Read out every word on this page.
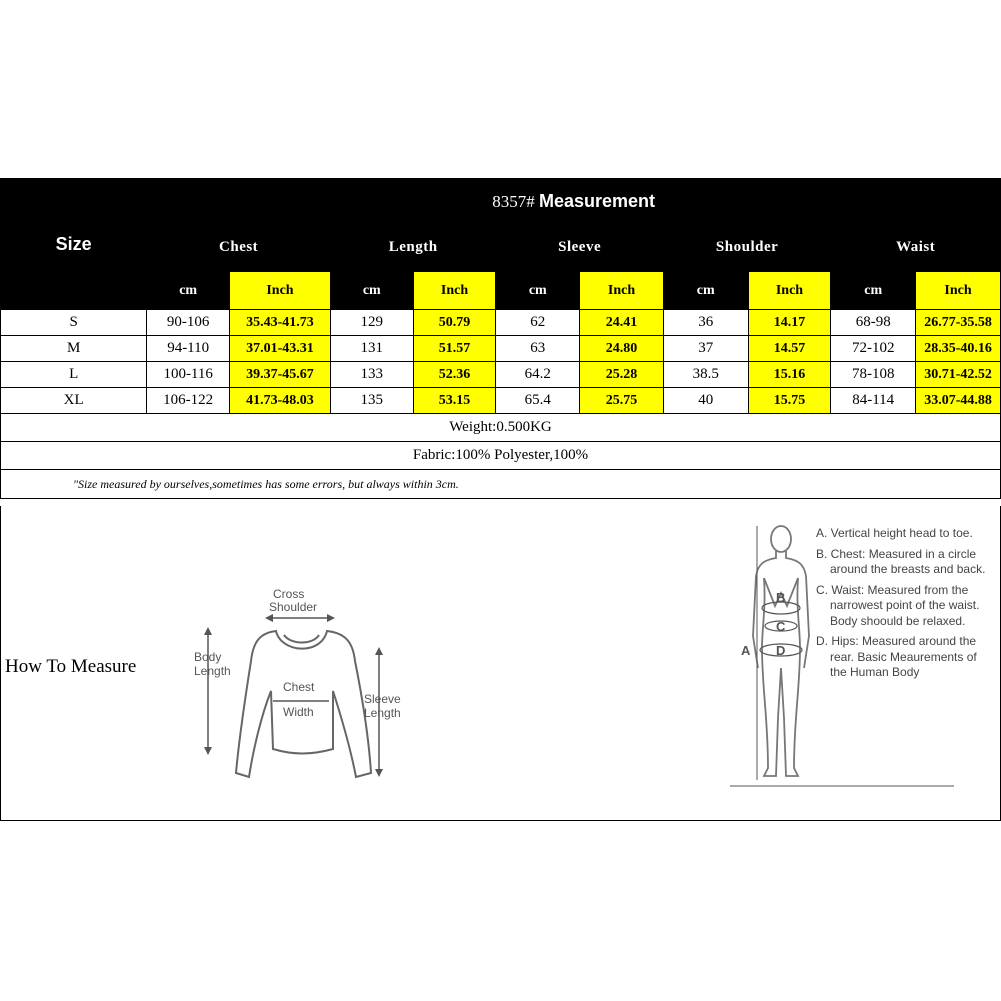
Size	8357# Measurement									
	Chest		Length		Sleeve		Shoulder		Waist	
	cm	Inch	cm	Inch	cm	Inch	cm	Inch	cm	Inch
S	90-106	35.43-41.73	129	50.79	62	24.41	36	14.17	68-98	26.77-35.58
M	94-110	37.01-43.31	131	51.57	63	24.80	37	14.57	72-102	28.35-40.16
L	100-116	39.37-45.67	133	52.36	64.2	25.28	38.5	15.16	78-108	30.71-42.52
XL	106-122	41.73-48.03	135	53.15	65.4	25.75	40	15.75	84-114	33.07-44.88
Weight:0.500KG										
Fabric:100% Polyester,100%										
"Size measured by ourselves,sometimes has some errors, but always within 3cm.										
How To Measure
Cross
Shoulder
Body
Length
Chest
Width
Sleeve
Length
A
B
C
D

A. Vertical height head to toe.

B. Chest: Measured in a circle around the breasts and back.

C. Waist: Measured from the narrowest point of the waist. Body shoould be relaxed.

D. Hips: Measured around the rear. Basic Meaurements of the Human Body
